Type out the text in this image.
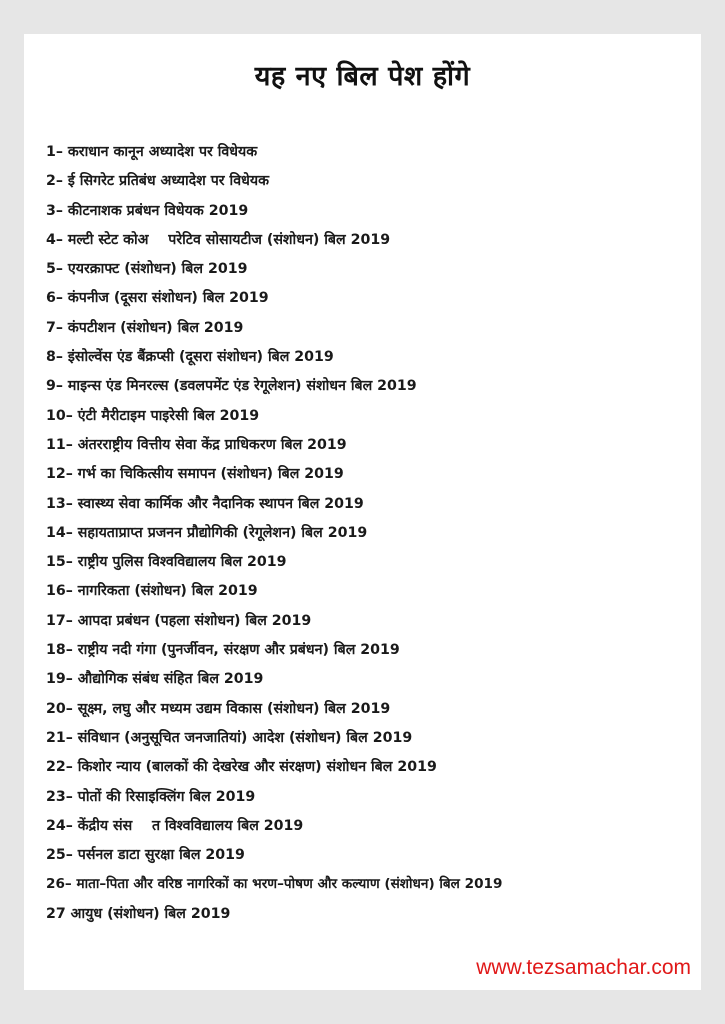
यह नए बिल पेश होंगे
1– कराधान कानून अध्यादेश पर विधेयक
2– ई सिगरेट प्रतिबंध अध्यादेश पर विधेयक
3– कीटनाशक प्रबंधन विधेयक 2019
4– मल्टी स्टेट कोअ    परेटिव सोसायटीज (संशोधन) बिल 2019
5– एयरक्राफ्ट (संशोधन) बिल 2019
6– कंपनीज (दूसरा संशोधन) बिल 2019
7– कंपटीशन (संशोधन) बिल 2019
8– इंसोल्वेंस एंड बैंक्रप्सी (दूसरा संशोधन) बिल 2019
9– माइन्स एंड मिनरल्स (डवलपमेंट एंड रेगूलेशन) संशोधन बिल 2019
10– एंटी मैरीटाइम पाइरेसी बिल 2019
11– अंतरराष्ट्रीय वित्तीय सेवा केंद्र प्राधिकरण बिल 2019
12– गर्भ का चिकित्सीय समापन (संशोधन) बिल 2019
13– स्वास्थ्य सेवा कार्मिक और नैदानिक स्थापन बिल 2019
14– सहायताप्राप्त प्रजनन प्रौद्योगिकी (रेगूलेशन) बिल 2019
15– राष्ट्रीय पुलिस विश्वविद्यालय बिल 2019
16– नागरिकता (संशोधन) बिल 2019
17– आपदा प्रबंधन (पहला संशोधन) बिल 2019
18– राष्ट्रीय नदी गंगा (पुनर्जीवन, संरक्षण और प्रबंधन) बिल 2019
19– औद्योगिक संबंध संहित बिल 2019
20– सूक्ष्म, लघु और मध्यम उद्यम विकास (संशोधन) बिल 2019
21– संविधान (अनुसूचित जनजातियां) आदेश (संशोधन) बिल 2019
22– किशोर न्याय (बालकों की देखरेख और संरक्षण) संशोधन बिल 2019
23– पोतों की रिसाइक्लिंग बिल 2019
24– केंद्रीय संस    त विश्वविद्यालय बिल 2019
25– पर्सनल डाटा सुरक्षा बिल 2019
26– माता–पिता और वरिष्ठ नागरिकों का भरण–पोषण और कल्याण (संशोधन) बिल 2019
27 आयुध (संशोधन) बिल 2019
www.tezsamachar.com
